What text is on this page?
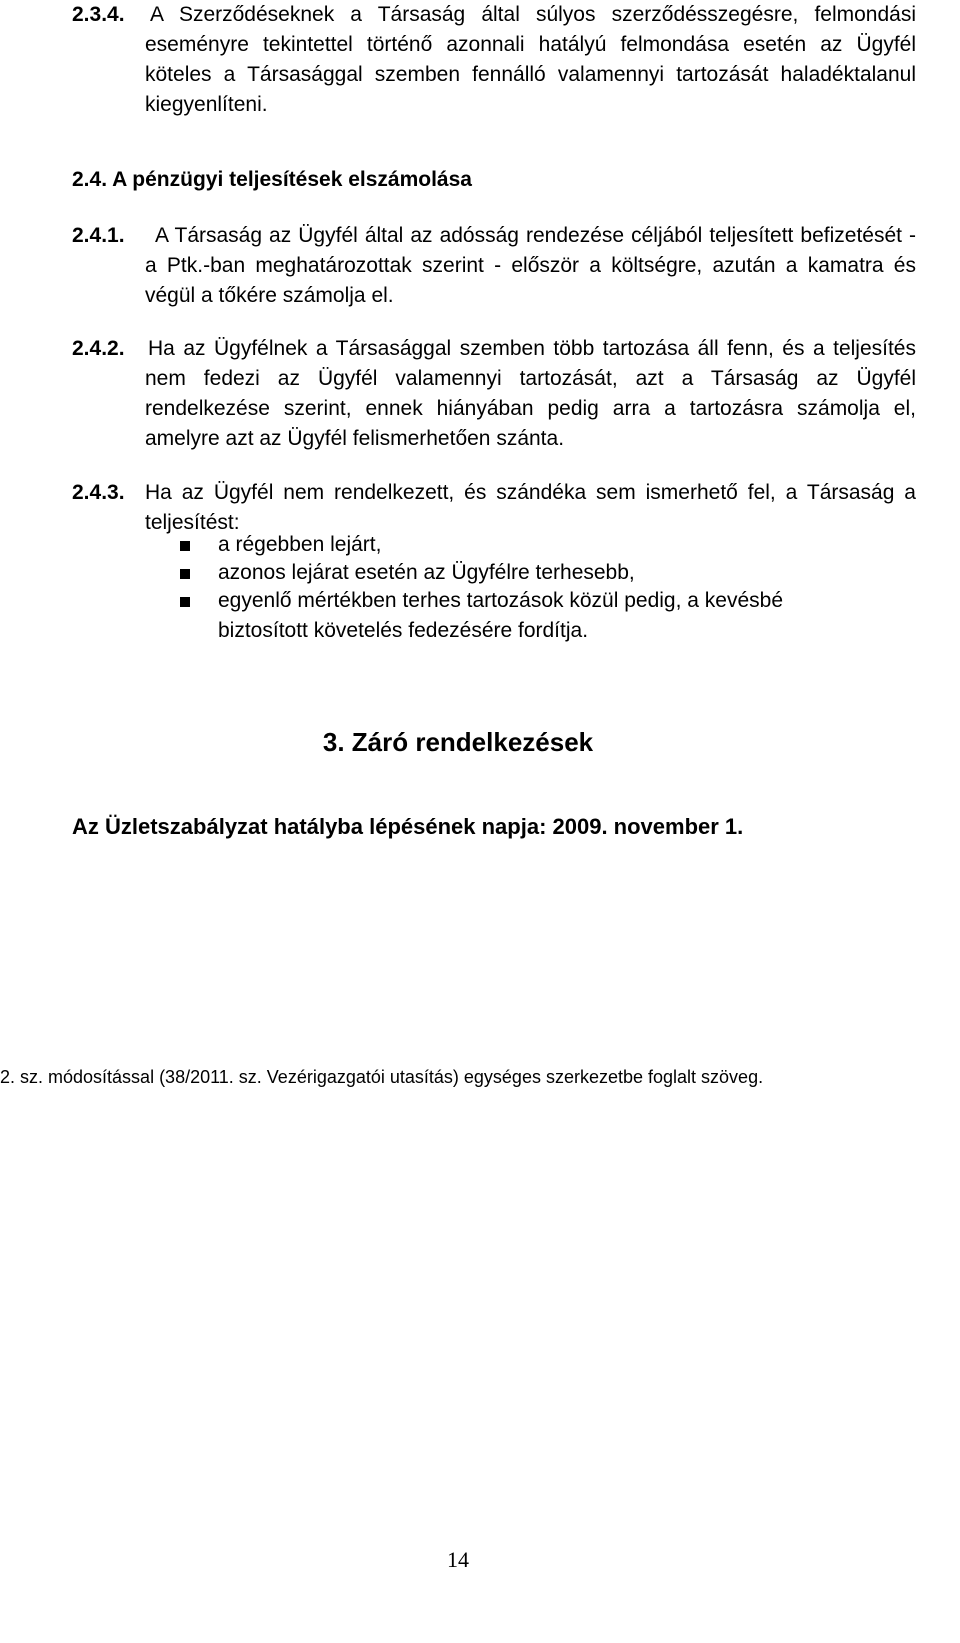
2.3.4. A Szerződéseknek a Társaság által súlyos szerződésszegésre, felmondási eseményre tekintettel történő azonnali hatályú felmondása esetén az Ügyfél köteles a Társasággal szemben fennálló valamennyi tartozását haladéktalanul kiegyenlíteni.
2.4. A pénzügyi teljesítések elszámolása
2.4.1.	A Társaság az Ügyfél által az adósság rendezése céljából teljesített befizetését - a Ptk.-ban meghatározottak szerint - először a költségre, azután a kamatra és végül a tőkére számolja el.
2.4.2. Ha az Ügyfélnek a Társasággal szemben több tartozása áll fenn, és a teljesítés nem fedezi az Ügyfél valamennyi tartozását, azt a Társaság az Ügyfél rendelkezése szerint, ennek hiányában pedig arra a tartozásra számolja el, amelyre azt az Ügyfél felismerhetően szánta.
2.4.3. Ha az Ügyfél nem rendelkezett, és szándéka sem ismerhető fel, a Társaság a teljesítést:
a régebben lejárt,
azonos lejárat esetén az Ügyfélre terhesebb,
egyenlő mértékben terhes tartozások közül pedig, a kevésbé biztosított követelés fedezésére fordítja.
3. Záró rendelkezések
Az Üzletszabályzat hatályba lépésének napja: 2009. november 1.
2. sz. módosítással (38/2011. sz. Vezérigazgatói utasítás) egységes szerkezetbe foglalt szöveg.
14
